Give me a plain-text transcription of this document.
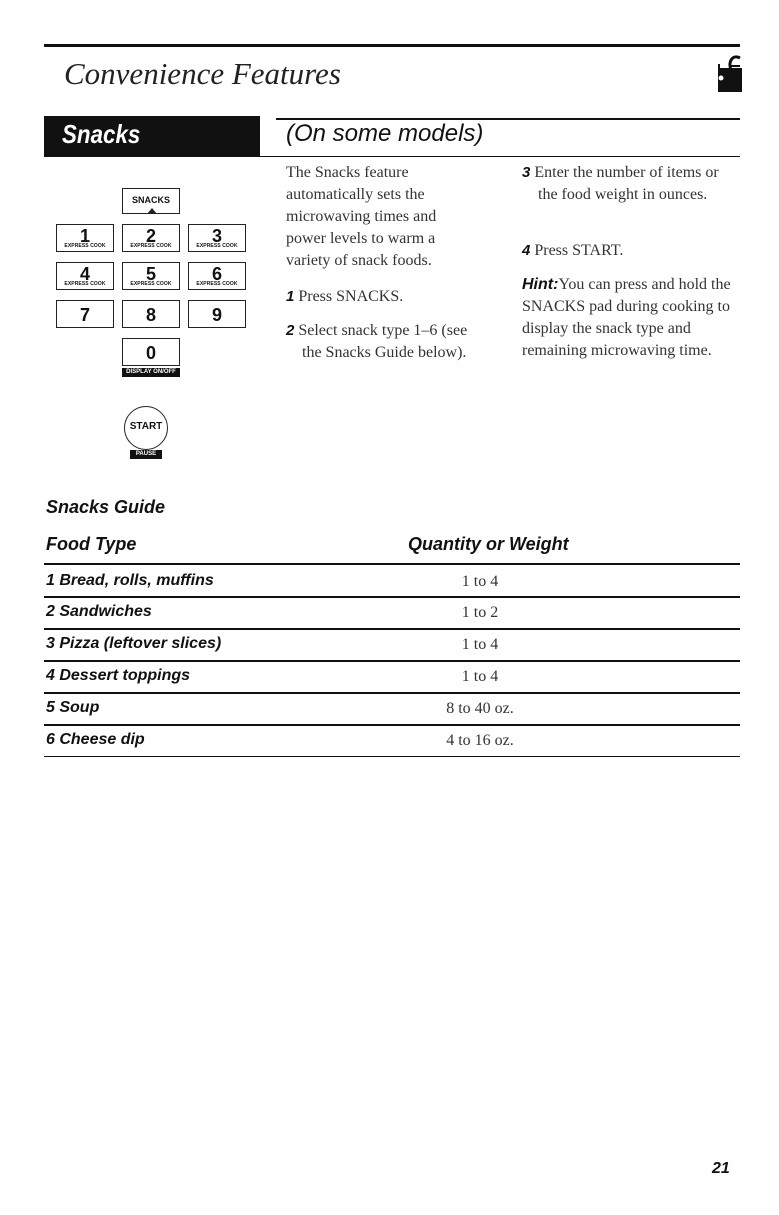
Convenience Features
Snacks	(On some models)
SNACKS
1
EXPRESS COOK	2
EXPRESS COOK	3
EXPRESS COOK
4
EXPRESS COOK	5
EXPRESS COOK	6
EXPRESS COOK
7	8	9
0
DISPLAY ON/OFF
START
PAUSE

The Snacks feature automatically sets the microwaving times and power levels to warm a variety of snack foods.

1 Press SNACKS.

2 Select snack type 1–6 (see the Snacks Guide below).

3 Enter the number of items or the food weight in ounces.

4 Press START.

Hint:You can press and hold the SNACKS pad during cooking to display the snack type and remaining microwaving time.

Snacks Guide
Food Type	Quantity or Weight
1 Bread, rolls, muffins	1 to 4
2 Sandwiches	1 to 2
3 Pizza (leftover slices)	1 to 4
4 Dessert toppings	1 to 4
5 Soup	8 to 40 oz.
6 Cheese dip	4 to 16 oz.
21
